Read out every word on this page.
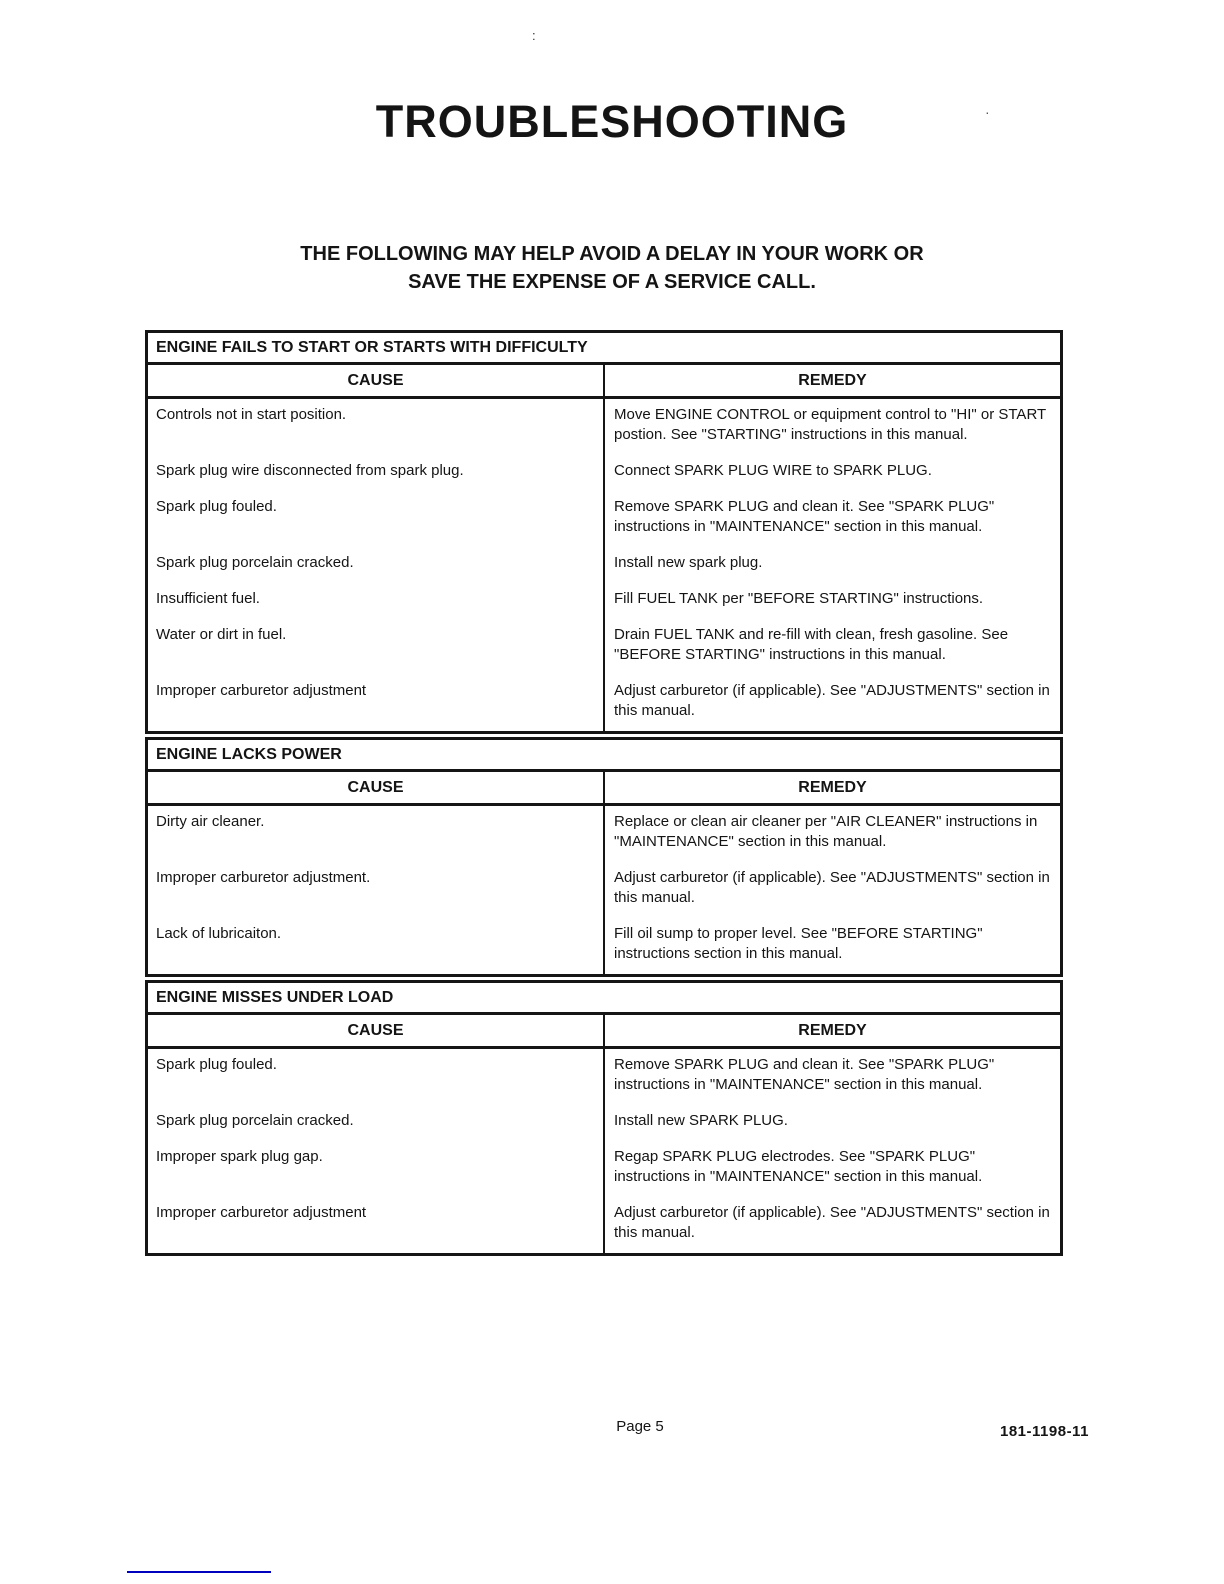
:
·
TROUBLESHOOTING
THE FOLLOWING MAY HELP AVOID A DELAY IN YOUR WORK OR
SAVE THE EXPENSE OF A SERVICE CALL.
ENGINE FAILS TO START OR STARTS WITH DIFFICULTY
CAUSE	REMEDY
Controls not in start position.	Move ENGINE CONTROL or equipment control to "HI" or START postion. See "STARTING" instructions in this manual.
Spark plug wire disconnected from spark plug.	Connect SPARK PLUG WIRE to SPARK PLUG.
Spark plug fouled.	Remove SPARK PLUG and clean it. See "SPARK PLUG" instructions in "MAINTENANCE" section in this manual.
Spark plug porcelain cracked.	Install new spark plug.
Insufficient fuel.	Fill FUEL TANK per "BEFORE STARTING" instructions.
Water or dirt in fuel.	Drain FUEL TANK and re-fill with clean, fresh gasoline. See "BEFORE STARTING" instructions in this manual.
Improper carburetor adjustment	Adjust carburetor (if applicable). See "ADJUSTMENTS" section in this manual.
ENGINE LACKS POWER
CAUSE	REMEDY
Dirty air cleaner.	Replace or clean air cleaner per "AIR CLEANER" instructions in "MAINTENANCE" section in this manual.
Improper carburetor adjustment.	Adjust carburetor (if applicable). See "ADJUSTMENTS" section in this manual.
Lack of lubricaiton.	Fill oil sump to proper level. See "BEFORE STARTING" instructions section in this manual.
ENGINE MISSES UNDER LOAD
CAUSE	REMEDY
Spark plug fouled.	Remove SPARK PLUG and clean it. See "SPARK PLUG" instructions in "MAINTENANCE" section in this manual.
Spark plug porcelain cracked.	Install new SPARK PLUG.
Improper spark plug gap.	Regap SPARK PLUG electrodes. See "SPARK PLUG" instructions in "MAINTENANCE" section in this manual.
Improper carburetor adjustment	Adjust carburetor (if applicable). See "ADJUSTMENTS" section in this manual.
Page 5	181-1198-11
